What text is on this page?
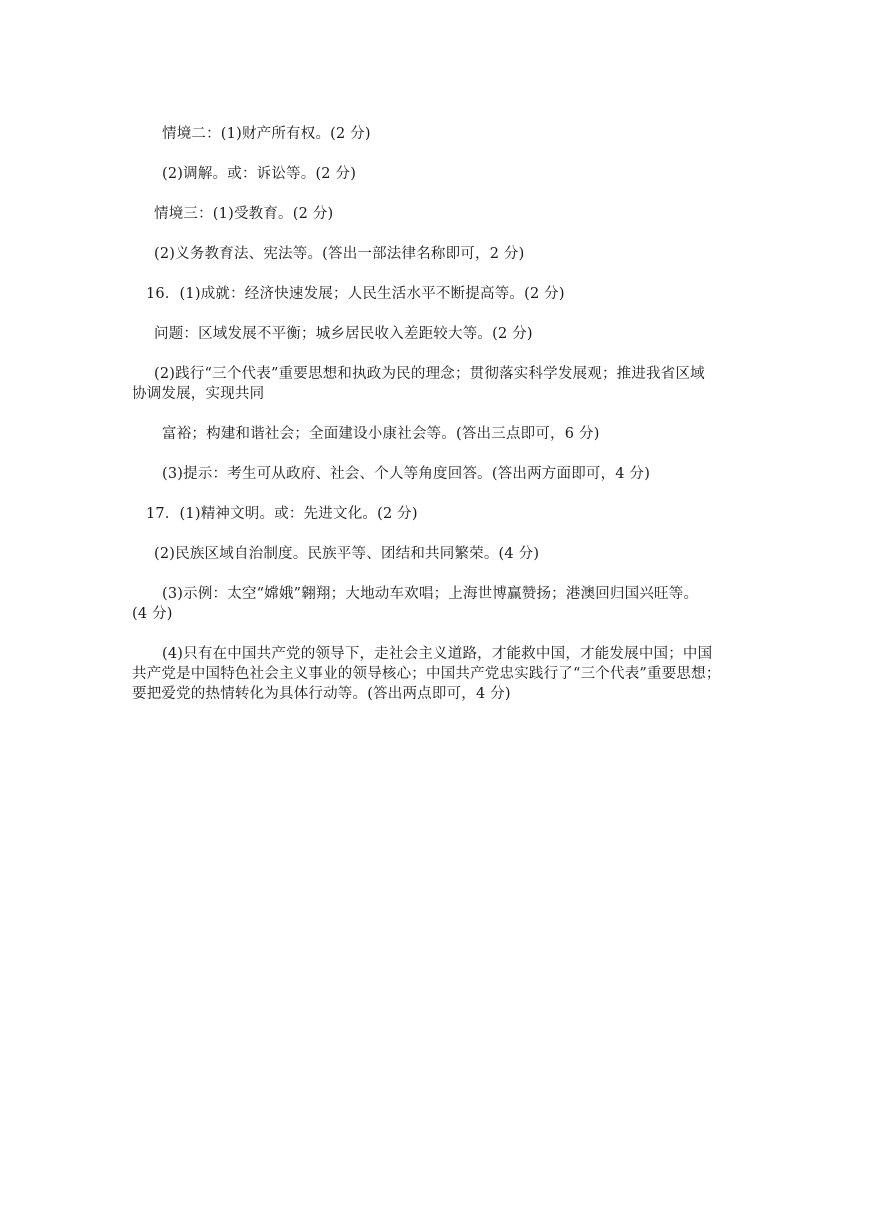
情境二：(1)财产所有权。(2 分)
(2)调解。或：诉讼等。(2 分)
情境三：(1)受教育。(2 分)
(2)义务教育法、宪法等。(答出一部法律名称即可，2 分)
16．(1)成就：经济快速发展；人民生活水平不断提高等。(2 分)
问题：区域发展不平衡；城乡居民收入差距较大等。(2 分)
(2)践行“三个代表”重要思想和执政为民的理念；贯彻落实科学发展观；推进我省区域
协调发展，实现共同
富裕；构建和谐社会；全面建设小康社会等。(答出三点即可，6 分)
(3)提示：考生可从政府、社会、个人等角度回答。(答出两方面即可，4 分)
17．(1)精神文明。或：先进文化。(2 分)
(2)民族区域自治制度。民族平等、团结和共同繁荣。(4 分)
(3)示例：太空“嫦娥”翱翔；大地动车欢唱；上海世博赢赞扬；港澳回归国兴旺等。
(4 分)
(4)只有在中国共产党的领导下，走社会主义道路，才能救中国，才能发展中国；中国
共产党是中国特色社会主义事业的领导核心；中国共产党忠实践行了“三个代表”重要思想；
要把爱党的热情转化为具体行动等。(答出两点即可，4 分)
